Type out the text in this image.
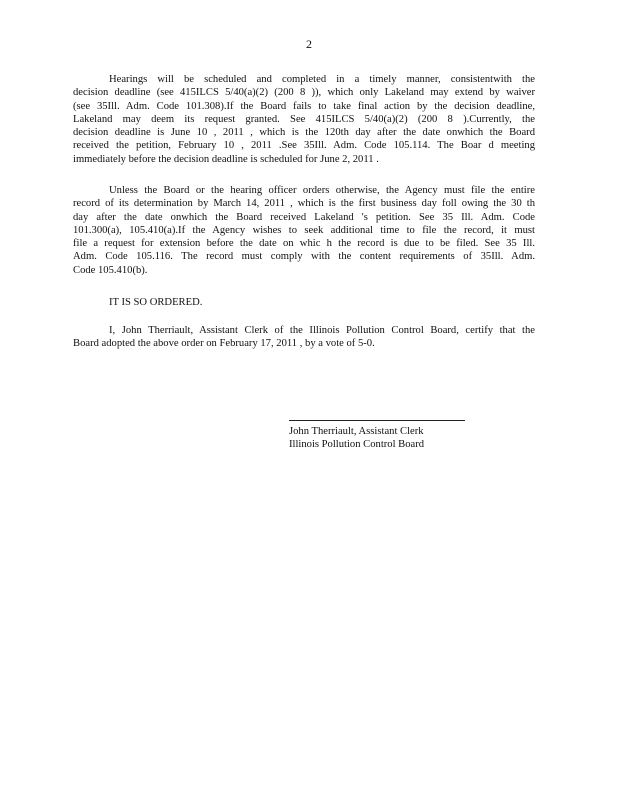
2
Hearings will be scheduled and completed in a timely manner, consistentwith the
decision deadline (see 415ILCS 5/40(a)(2) (200 8 )), which only Lakeland may extend by waiver
(see 35Ill. Adm. Code 101.308).If the Board fails to take final action by the decision deadline,
Lakeland may deem its request granted. See 415ILCS 5/40(a)(2) (200 8 ).Currently, the
decision deadline is June 10 , 2011 , which is the 120th day after the date onwhich the Board
received the petition, February 10 , 2011 .See 35Ill. Adm. Code 105.114. The Boar d meeting
immediately before the decision deadline is scheduled for June 2, 2011 .
Unless the Board or the hearing officer orders otherwise, the Agency must file the entire
record of its determination by March 14, 2011 , which is the first business day foll owing the 30 th
day after the date onwhich the Board received Lakeland 's petition. See 35 Ill. Adm. Code
101.300(a), 105.410(a).If the Agency wishes to seek additional time to file the record, it must
file a request for extension before the date on whic h the record is due to be filed. See 35 Ill.
Adm. Code 105.116. The record must comply with the content requirements of 35Ill. Adm.
Code 105.410(b).
IT IS SO ORDERED.
I, John Therriault, Assistant Clerk of the Illinois Pollution Control Board, certify that the
Board adopted the above order on February 17, 2011 , by a vote of 5-0.
John Therriault, Assistant Clerk
Illinois Pollution Control Board
